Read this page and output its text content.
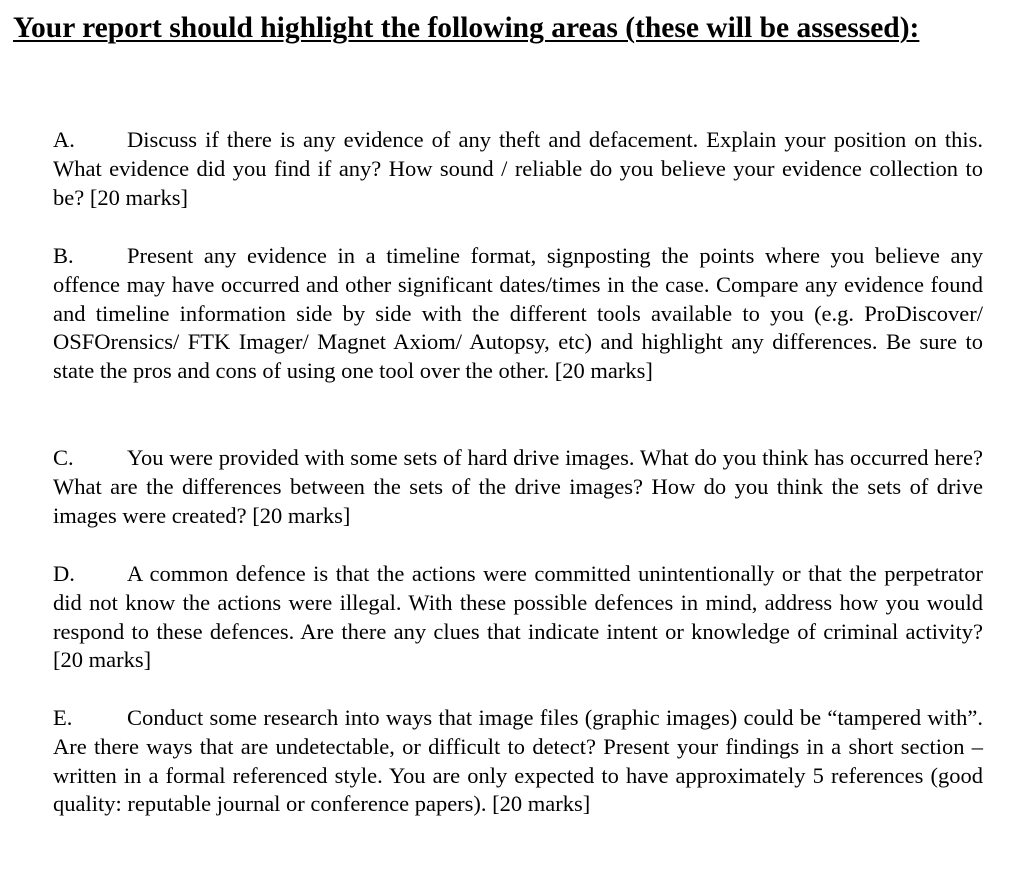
Your report should highlight the following areas (these will be assessed):
A. Discuss if there is any evidence of any theft and defacement. Explain your position on this. What evidence did you find if any? How sound / reliable do you believe your evidence collection to be? [20 marks]
B. Present any evidence in a timeline format, signposting the points where you believe any offence may have occurred and other significant dates/times in the case. Compare any evidence found and timeline information side by side with the different tools available to you (e.g. ProDiscover/ OSFOrensics/ FTK Imager/ Magnet Axiom/ Autopsy, etc) and highlight any differences. Be sure to state the pros and cons of using one tool over the other. [20 marks]
C. You were provided with some sets of hard drive images. What do you think has occurred here? What are the differences between the sets of the drive images? How do you think the sets of drive images were created? [20 marks]
D. A common defence is that the actions were committed unintentionally or that the perpetrator did not know the actions were illegal. With these possible defences in mind, address how you would respond to these defences. Are there any clues that indicate intent or knowledge of criminal activity? [20 marks]
E. Conduct some research into ways that image files (graphic images) could be “tampered with”. Are there ways that are undetectable, or difficult to detect? Present your findings in a short section – written in a formal referenced style. You are only expected to have approximately 5 references (good quality: reputable journal or conference papers). [20 marks]
